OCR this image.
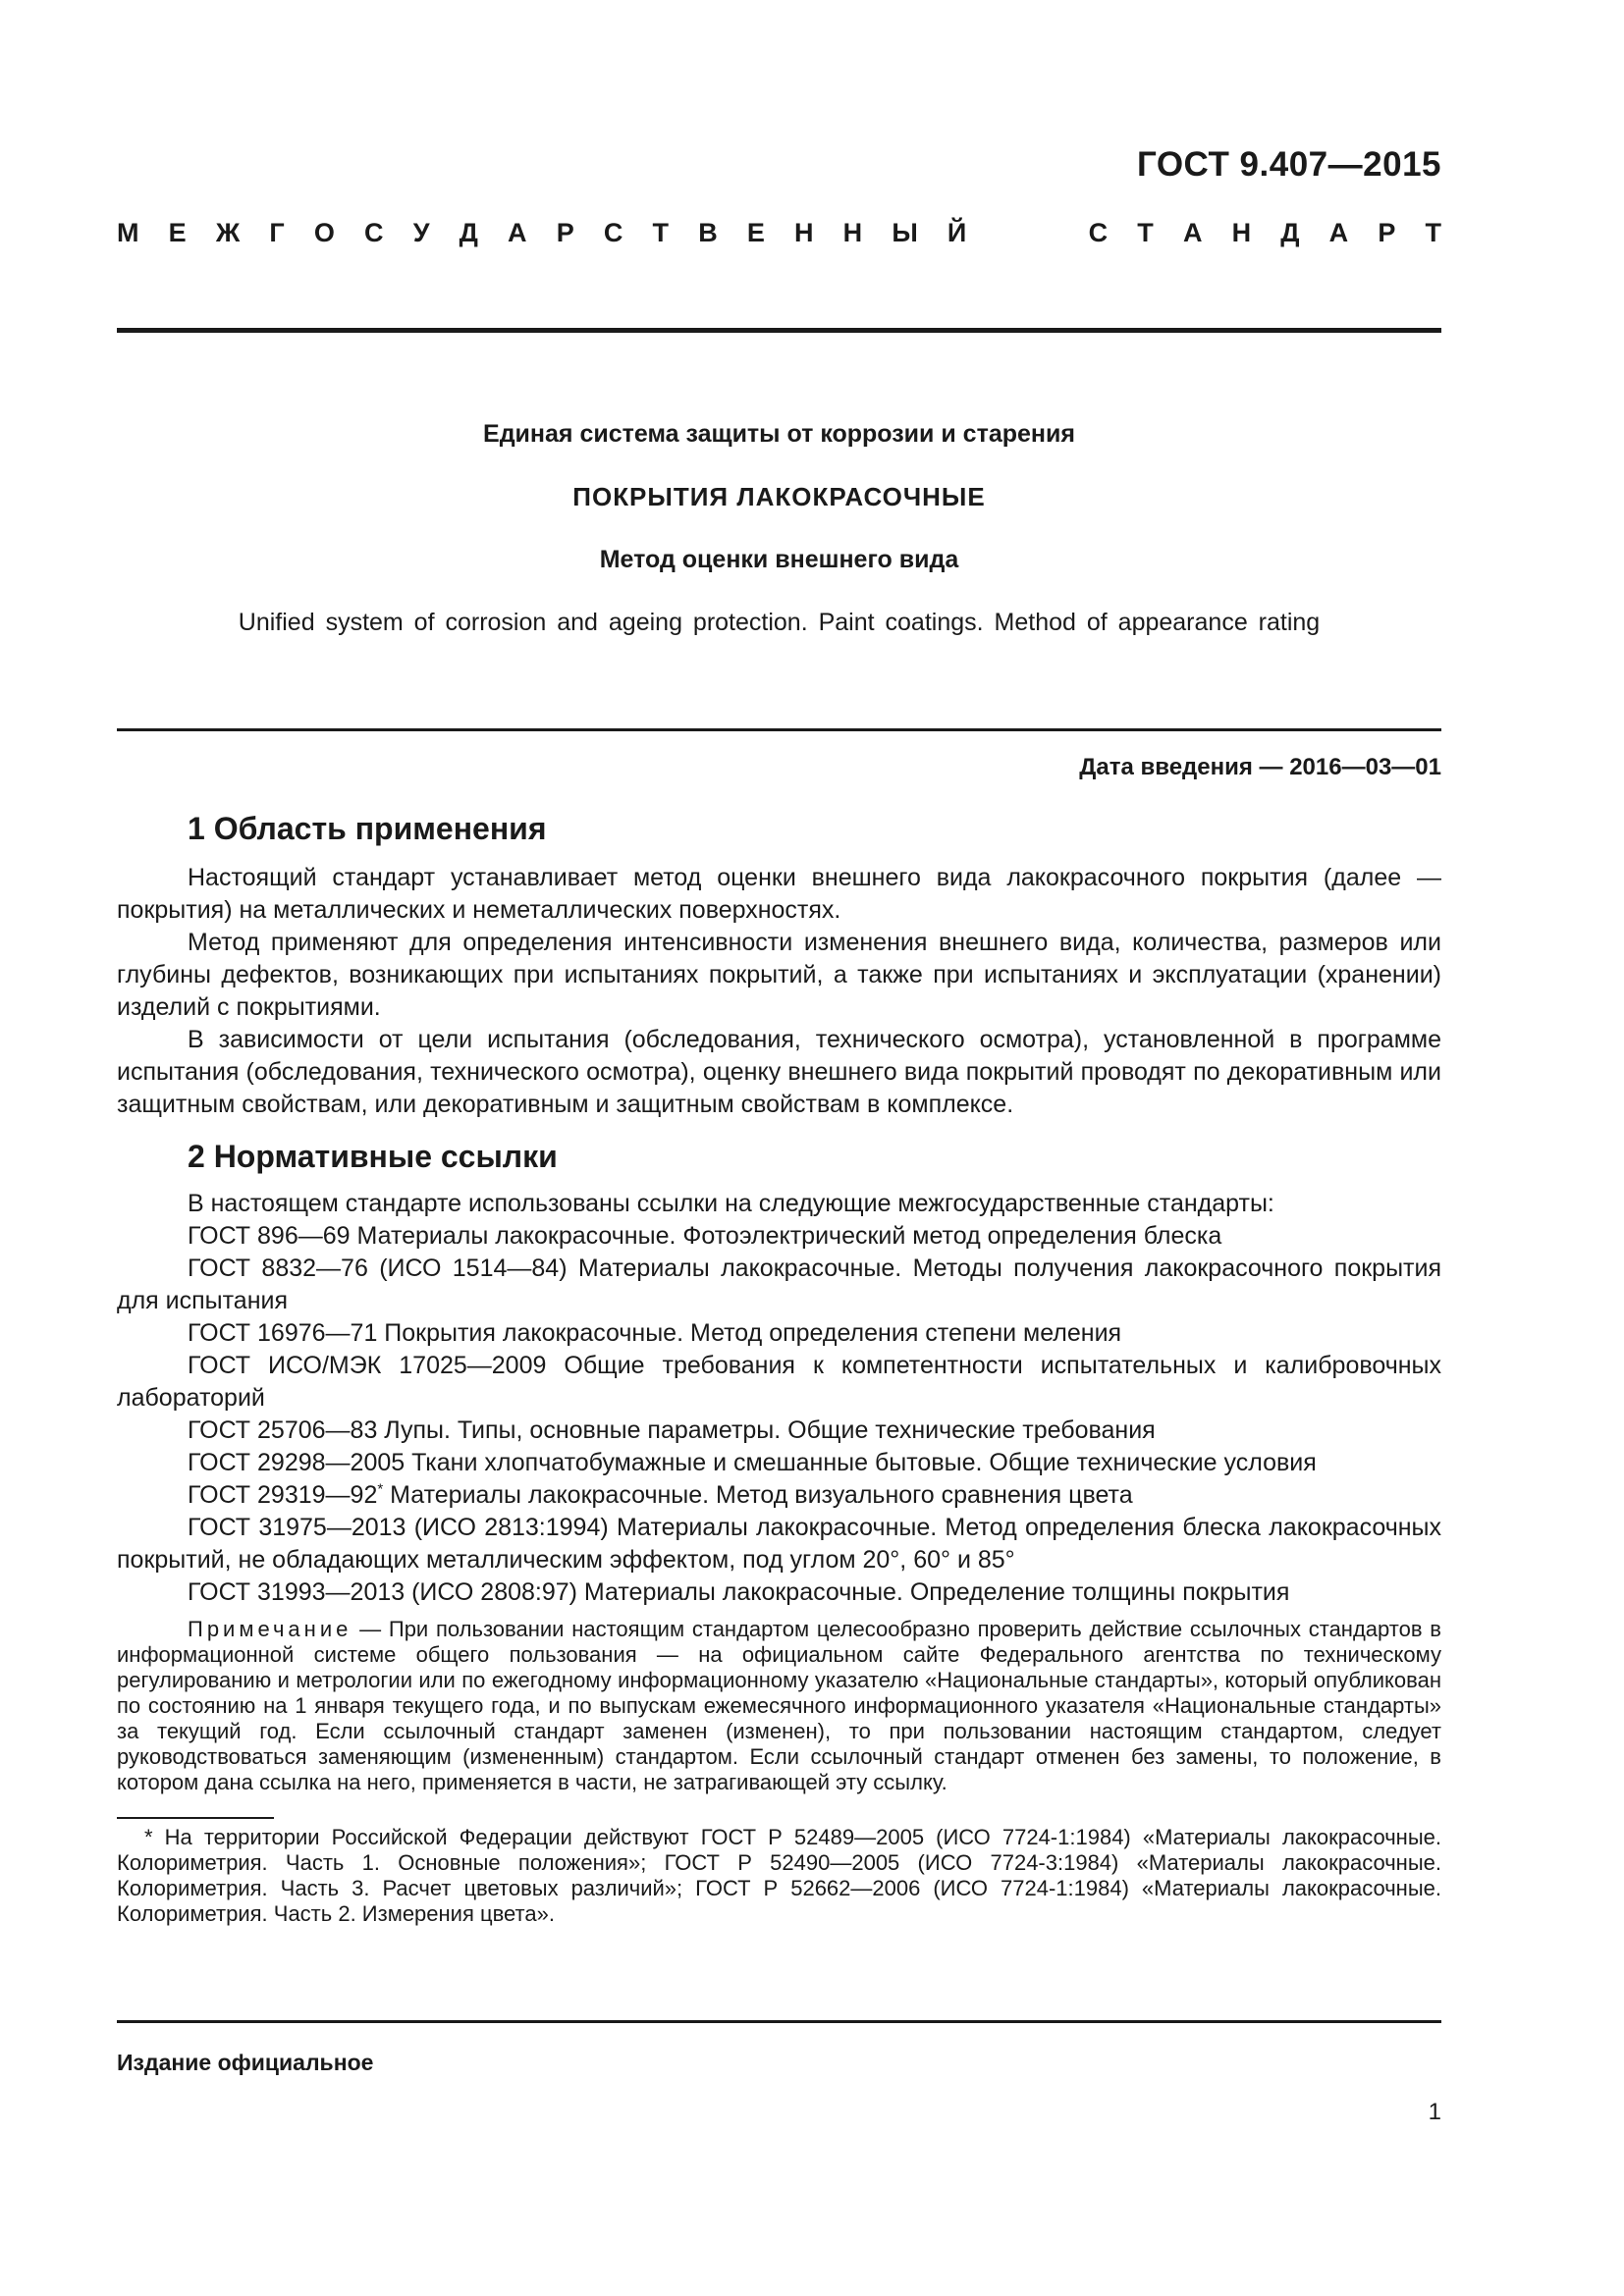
ГОСТ 9.407—2015
М Е Ж Г О С У Д А Р С Т В Е Н Н Ы Й	С Т А Н Д А Р Т
Единая система защиты от коррозии и старения
ПОКРЫТИЯ ЛАКОКРАСОЧНЫЕ
Метод оценки внешнего вида
Unified system of corrosion and ageing protection. Paint coatings. Method of appearance rating
Дата введения — 2016—03—01
1 Область применения

Настоящий стандарт устанавливает метод оценки внешнего вида лакокрасочного покрытия (далее — покрытия) на металлических и неметаллических поверхностях.

Метод применяют для определения интенсивности изменения внешнего вида, количества, размеров или глубины дефектов, возникающих при испытаниях покрытий, а также при испытаниях и эксплуатации (хранении) изделий с покрытиями.

В зависимости от цели испытания (обследования, технического осмотра), установленной в программе испытания (обследования, технического осмотра), оценку внешнего вида покрытий проводят по декоративным или защитным свойствам, или декоративным и защитным свойствам в комплексе.

2 Нормативные ссылки

В настоящем стандарте использованы ссылки на следующие межгосударственные стандарты:

ГОСТ 896—69 Материалы лакокрасочные. Фотоэлектрический метод определения блеска

ГОСТ 8832—76 (ИСО 1514—84) Материалы лакокрасочные. Методы получения лакокрасочного покрытия для испытания

ГОСТ 16976—71 Покрытия лакокрасочные. Метод определения степени меления

ГОСТ ИСО/МЭК 17025—2009 Общие требования к компетентности испытательных и калибровочных лабораторий

ГОСТ 25706—83 Лупы. Типы, основные параметры. Общие технические требования

ГОСТ 29298—2005 Ткани хлопчатобумажные и смешанные бытовые. Общие технические условия

ГОСТ 29319—92* Материалы лакокрасочные. Метод визуального сравнения цвета

ГОСТ 31975—2013 (ИСО 2813:1994) Материалы лакокрасочные. Метод определения блеска лакокрасочных покрытий, не обладающих металлическим эффектом, под углом 20°, 60° и 85°

ГОСТ 31993—2013 (ИСО 2808:97) Материалы лакокрасочные. Определение толщины покрытия

Примечание — При пользовании настоящим стандартом целесообразно проверить действие ссылочных стандартов в информационной системе общего пользования — на официальном сайте Федерального агентства по техническому регулированию и метрологии или по ежегодному информационному указателю «Национальные стандарты», который опубликован по состоянию на 1 января текущего года, и по выпускам ежемесячного информационного указателя «Национальные стандарты» за текущий год. Если ссылочный стандарт заменен (изменен), то при пользовании настоящим стандартом, следует руководствоваться заменяющим (измененным) стандартом. Если ссылочный стандарт отменен без замены, то положение, в котором дана ссылка на него, применяется в части, не затрагивающей эту ссылку.

* На территории Российской Федерации действуют ГОСТ Р 52489—2005 (ИСО 7724-1:1984) «Материалы лакокрасочные. Колориметрия. Часть 1. Основные положения»; ГОСТ Р 52490—2005 (ИСО 7724-3:1984) «Материалы лакокрасочные. Колориметрия. Часть 3. Расчет цветовых различий»; ГОСТ Р 52662—2006 (ИСО 7724-1:1984) «Материалы лакокрасочные. Колориметрия. Часть 2. Измерения цвета».

Издание официальное
1
